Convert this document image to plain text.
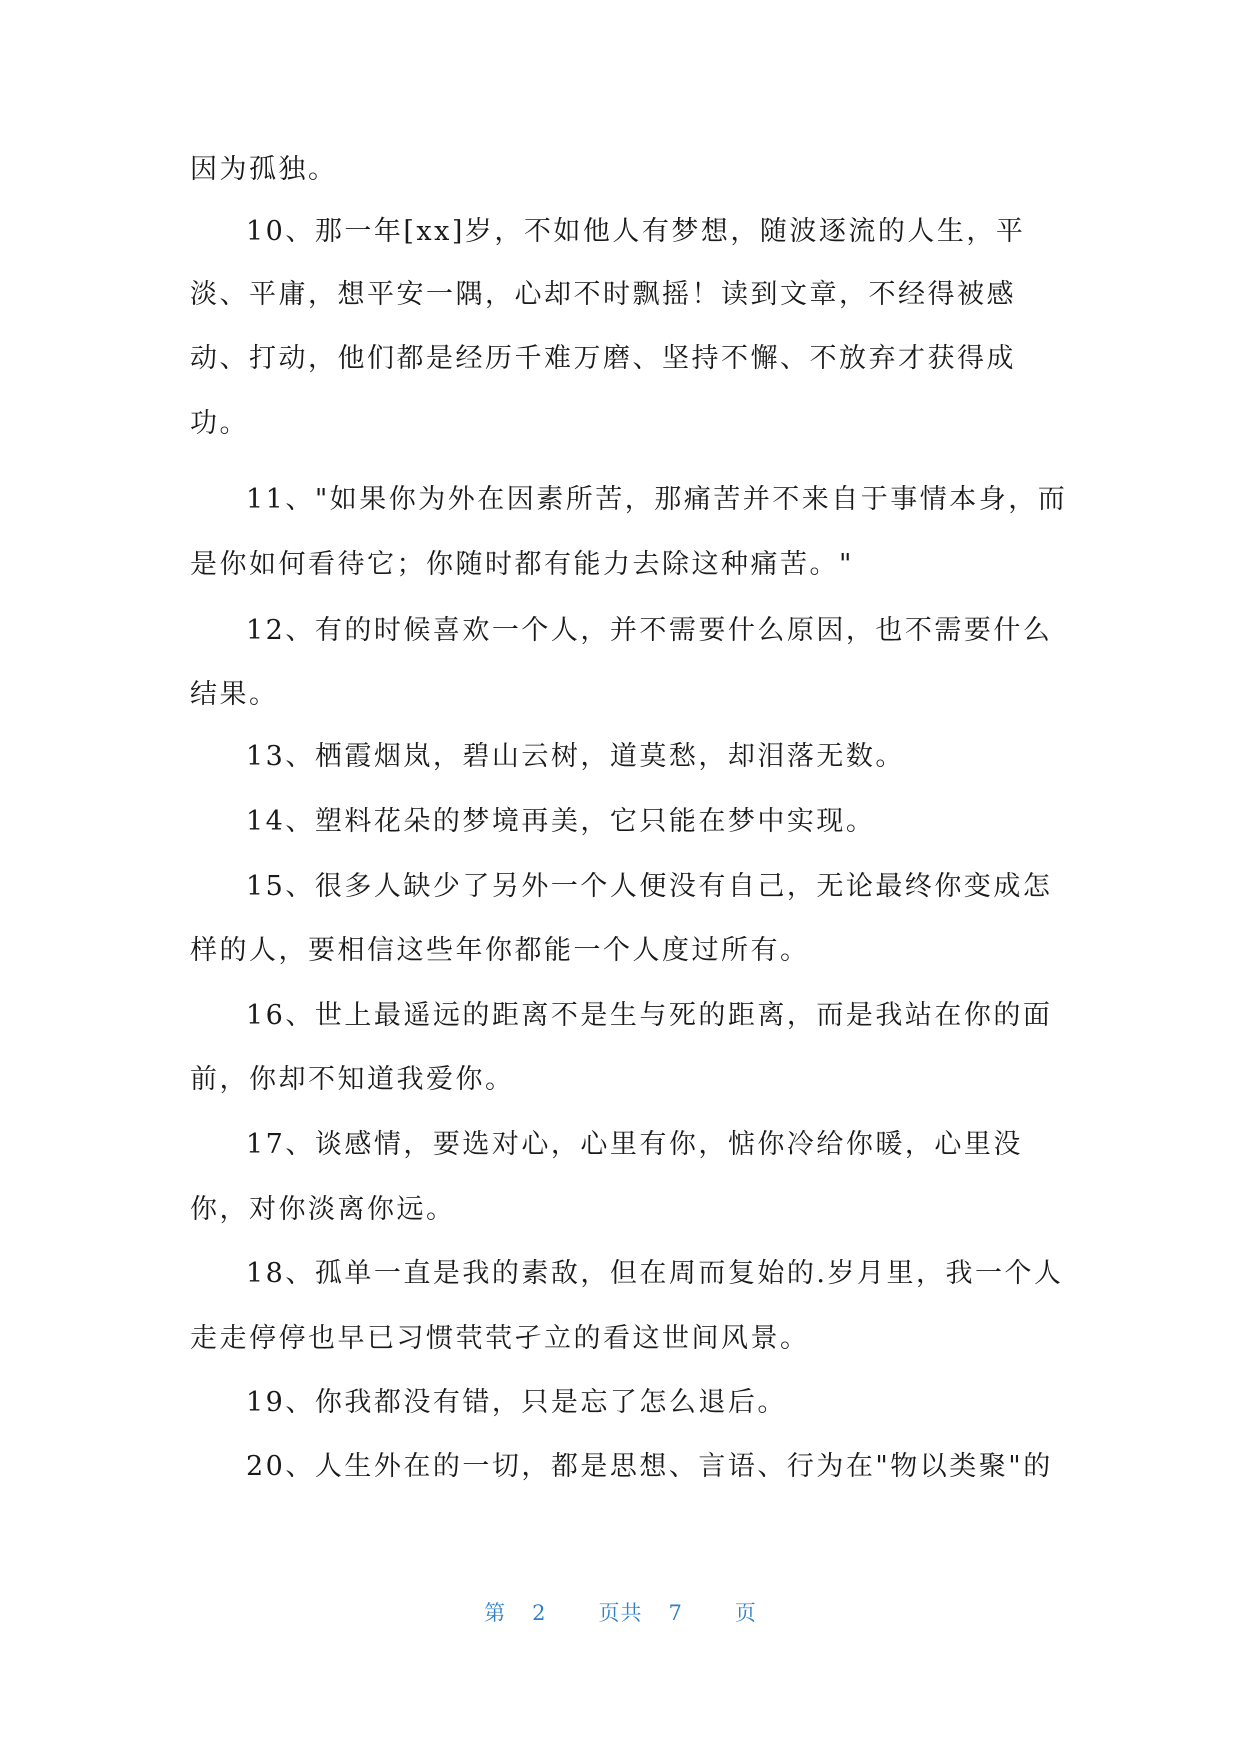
因为孤独。
10、那一年[xx]岁，不如他人有梦想，随波逐流的人生，平
淡、平庸，想平安一隅，心却不时飘摇！读到文章，不经得被感
动、打动，他们都是经历千难万磨、坚持不懈、不放弃才获得成
功。
11、"如果你为外在因素所苦，那痛苦并不来自于事情本身，而
是你如何看待它；你随时都有能力去除这种痛苦。"
12、有的时候喜欢一个人，并不需要什么原因，也不需要什么
结果。
13、栖霞烟岚，碧山云树，道莫愁，却泪落无数。
14、塑料花朵的梦境再美，它只能在梦中实现。
15、很多人缺少了另外一个人便没有自己，无论最终你变成怎
样的人，要相信这些年你都能一个人度过所有。
16、世上最遥远的距离不是生与死的距离，而是我站在你的面
前，你却不知道我爱你。
17、谈感情，要选对心，心里有你，惦你冷给你暖，心里没
你，对你淡离你远。
18、孤单一直是我的素敌，但在周而复始的.岁月里，我一个人
走走停停也早已习惯茕茕孑立的看这世间风景。
19、你我都没有错，只是忘了怎么退后。
20、人生外在的一切，都是思想、言语、行为在"物以类聚"的
第 2 页共 7 页
